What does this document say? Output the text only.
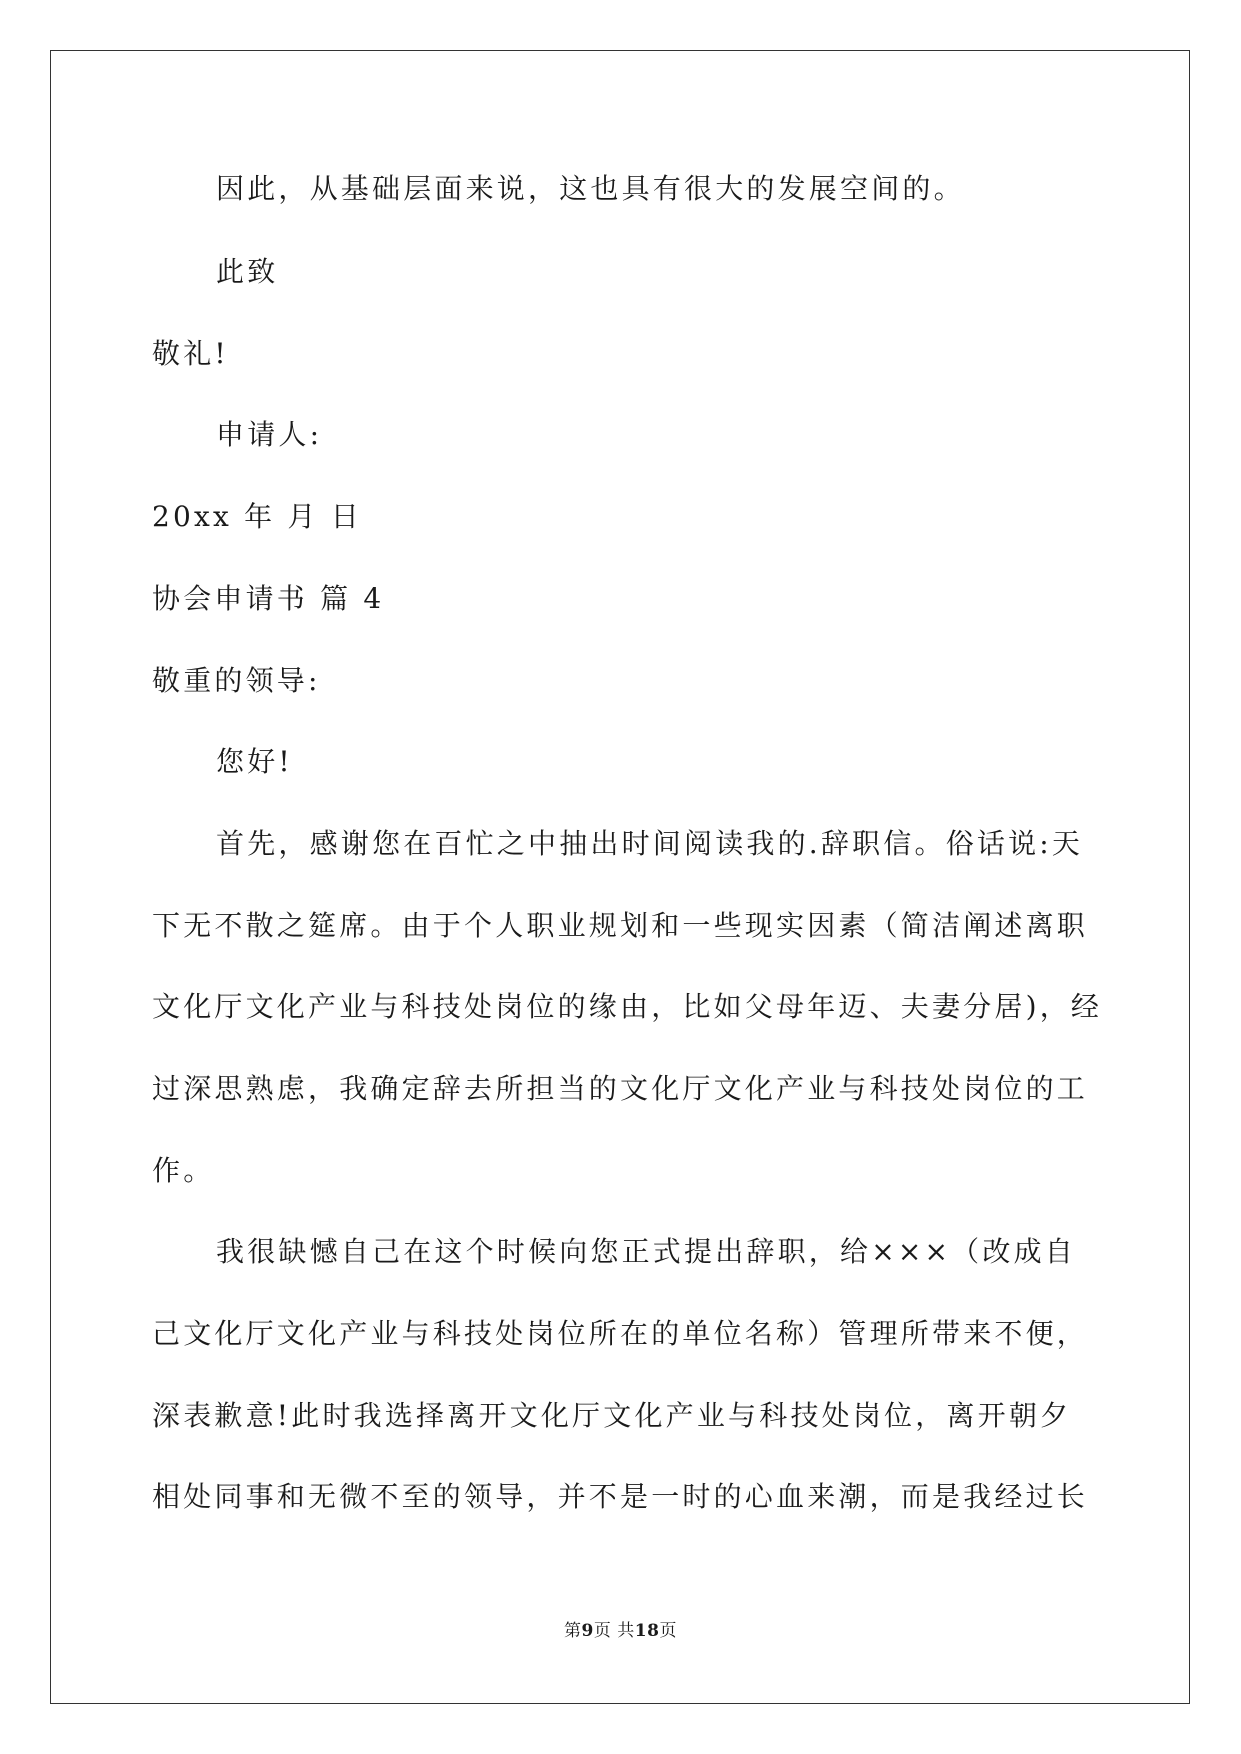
因此，从基础层面来说，这也具有很大的发展空间的。
此致
敬礼!
申请人:
20xx 年 月 日
协会申请书 篇 4
敬重的领导:
您好!
首先，感谢您在百忙之中抽出时间阅读我的.辞职信。俗话说:天
下无不散之筵席。由于个人职业规划和一些现实因素（简洁阐述离职
文化厅文化产业与科技处岗位的缘由，比如父母年迈、夫妻分居)，经
过深思熟虑，我确定辞去所担当的文化厅文化产业与科技处岗位的工
作。
我很缺憾自己在这个时候向您正式提出辞职，给×××（改成自
己文化厅文化产业与科技处岗位所在的单位名称）管理所带来不便，
深表歉意!此时我选择离开文化厅文化产业与科技处岗位，离开朝夕
相处同事和无微不至的领导，并不是一时的心血来潮，而是我经过长
第9页 共18页
